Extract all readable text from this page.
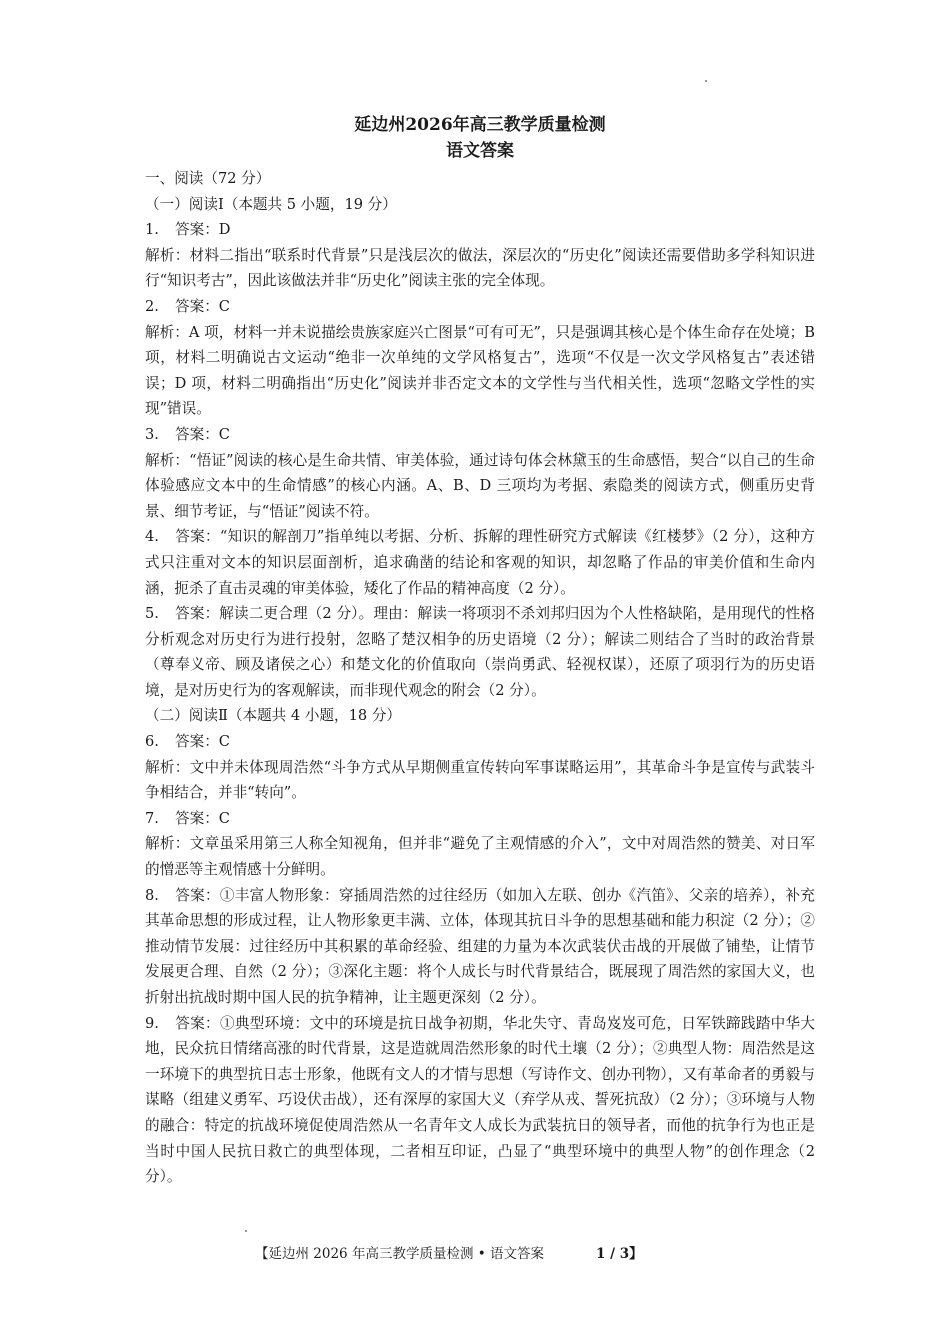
延边州2026年高三教学质量检测
语文答案

一、阅读（72 分）

（一）阅读Ⅰ（本题共 5 小题，19 分）

1.	答案：D

解析：材料二指出“联系时代背景”只是浅层次的做法，深层次的“历史化”阅读还需要借助多学科知识进行“知识考古”，因此该做法并非“历史化”阅读主张的完全体现。

2.	答案：C

解析：A 项，材料一并未说描绘贵族家庭兴亡图景“可有可无”，只是强调其核心是个体生命存在处境；B 项，材料二明确说古文运动“绝非一次单纯的文学风格复古”，选项“不仅是一次文学风格复古”表述错误；D 项，材料二明确指出“历史化”阅读并非否定文本的文学性与当代相关性，选项“忽略文学性的实现”错误。

3.	答案：C

解析：“悟证”阅读的核心是生命共情、审美体验，通过诗句体会林黛玉的生命感悟，契合“以自己的生命体验感应文本中的生命情感”的核心内涵。A、B、D 三项均为考据、索隐类的阅读方式，侧重历史背景、细节考证，与“悟证”阅读不符。

4. 答案：“知识的解剖刀”指单纯以考据、分析、拆解的理性研究方式解读《红楼梦》（2 分），这种方式只注重对文本的知识层面剖析，追求确凿的结论和客观的知识，却忽略了作品的审美价值和生命内涵，扼杀了直击灵魂的审美体验，矮化了作品的精神高度（2 分）。

5. 答案：解读二更合理（2 分）。理由：解读一将项羽不杀刘邦归因为个人性格缺陷，是用现代的性格分析观念对历史行为进行投射，忽略了楚汉相争的历史语境（2 分）；解读二则结合了当时的政治背景（尊奉义帝、顾及诸侯之心）和楚文化的价值取向（崇尚勇武、轻视权谋），还原了项羽行为的历史语境，是对历史行为的客观解读，而非现代观念的附会（2 分）。

（二）阅读Ⅱ（本题共 4 小题，18 分）

6.	答案：C

解析：文中并未体现周浩然“斗争方式从早期侧重宣传转向军事谋略运用”，其革命斗争是宣传与武装斗争相结合，并非“转向”。

7.	答案：C

解析：文章虽采用第三人称全知视角，但并非“避免了主观情感的介入”，文中对周浩然的赞美、对日军的憎恶等主观情感十分鲜明。

8. 答案：①丰富人物形象：穿插周浩然的过往经历（如加入左联、创办《汽笛》、父亲的培养），补充其革命思想的形成过程，让人物形象更丰满、立体，体现其抗日斗争的思想基础和能力积淀（2 分）；②推动情节发展：过往经历中其积累的革命经验、组建的力量为本次武装伏击战的开展做了铺垫，让情节发展更合理、自然（2 分）；③深化主题：将个人成长与时代背景结合，既展现了周浩然的家国大义，也折射出抗战时期中国人民的抗争精神，让主题更深刻（2 分）。

9. 答案：①典型环境：文中的环境是抗日战争初期，华北失守、青岛岌岌可危，日军铁蹄践踏中华大地，民众抗日情绪高涨的时代背景，这是造就周浩然形象的时代土壤（2 分）；②典型人物：周浩然是这一环境下的典型抗日志士形象，他既有文人的才情与思想（写诗作文、创办刊物），又有革命者的勇毅与谋略（组建义勇军、巧设伏击战），还有深厚的家国大义（弃学从戎、誓死抗敌）（2 分）；③环境与人物的融合：特定的抗战环境促使周浩然从一名青年文人成长为武装抗日的领导者，而他的抗争行为也正是当时中国人民抗日救亡的典型体现，二者相互印证，凸显了“典型环境中的典型人物”的创作理念（2 分）。

【延边州 2026 年高三教学质量检测 • 语文答案	1 / 3】
